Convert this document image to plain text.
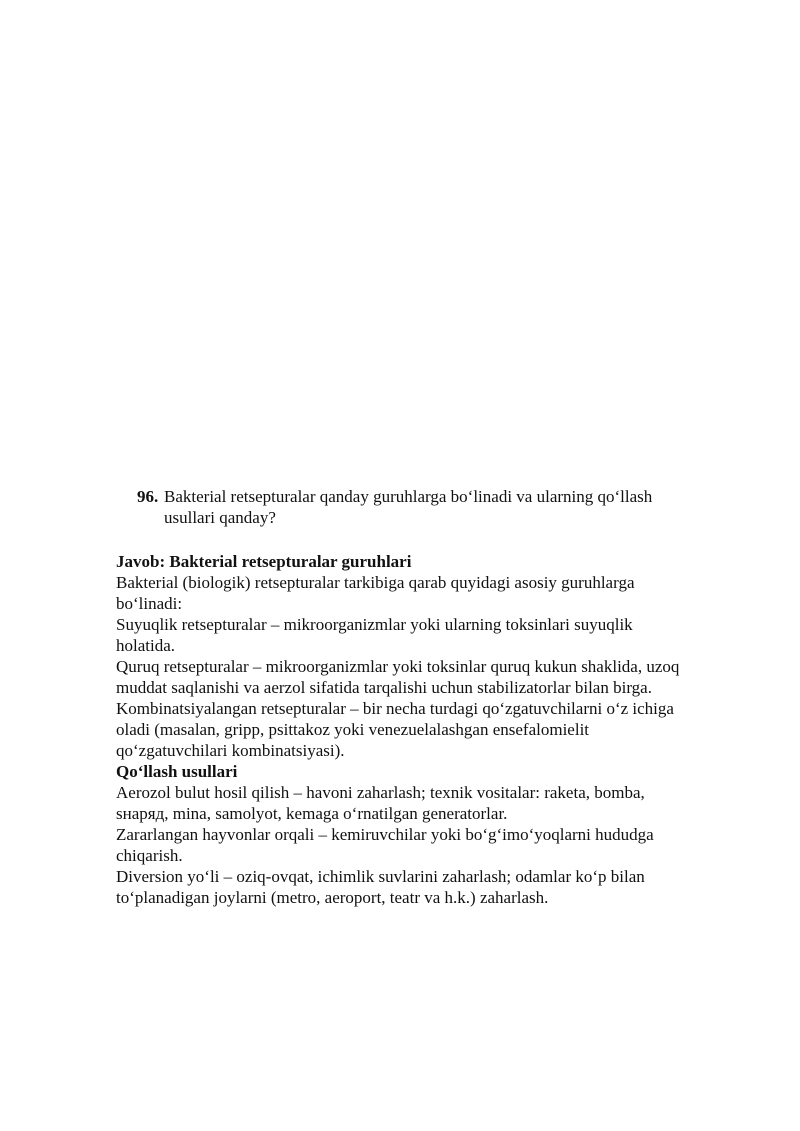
96. Bakterial retsepturalar qanday guruhlarga bo‘linadi va ularning qo‘llash
usullari qanday?
Javob: Bakterial retsepturalar guruhlari
Bakterial (biologik) retsepturalar tarkibiga qarab quyidagi asosiy guruhlarga
bo‘linadi:
Suyuqlik retsepturalar – mikroorganizmlar yoki ularning toksinlari suyuqlik
holatida.
Quruq retsepturalar – mikroorganizmlar yoki toksinlar quruq kukun shaklida, uzoq
muddat saqlanishi va aerzol sifatida tarqalishi uchun stabilizatorlar bilan birga.
Kombinatsiyalangan retsepturalar – bir necha turdagi qo‘zgatuvchilarni o‘z ichiga
oladi (masalan, gripp, psittakoz yoki venezuelalashgan ensefalomielit
qo‘zgatuvchilari kombinatsiyasi).
Qo‘llash usullari
Aerozol bulut hosil qilish – havoni zaharlash; texnik vositalar: raketa, bomba,
sнаряд, mina, samolyot, kemaga o‘rnatilgan generatorlar.
Zararlangan hayvonlar orqali – kemiruvchilar yoki bo‘g‘imo‘yoqlarni hududga
chiqarish.
Diversion yo‘li – oziq-ovqat, ichimlik suvlarini zaharlash; odamlar ko‘p bilan
to‘planadigan joylarni (metro, aeroport, teatr va h.k.) zaharlash.
